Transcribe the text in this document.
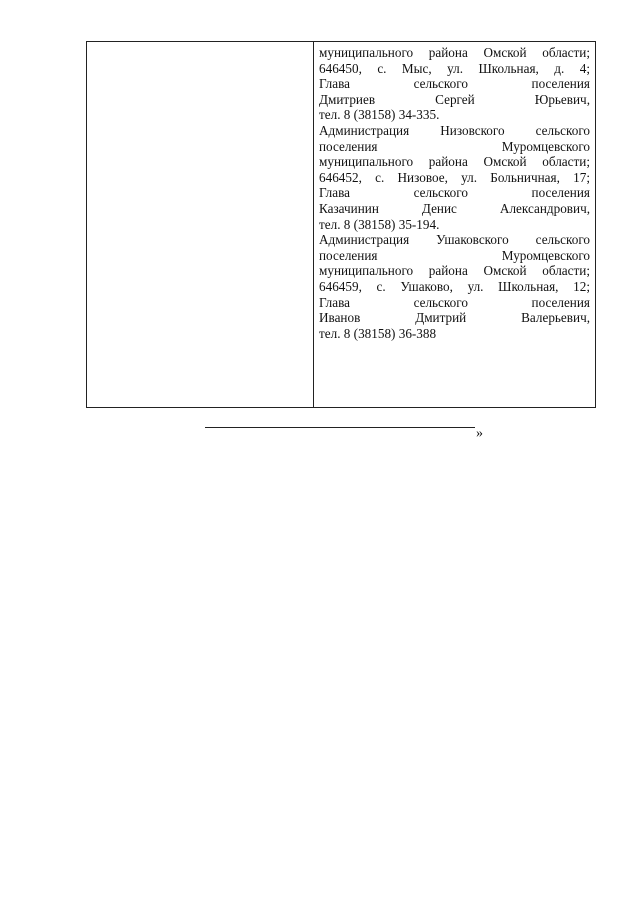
муниципального района Омской области;
646450, с. Мыс, ул. Школьная, д. 4;
Глава сельского поселения
Дмитриев Сергей Юрьевич,
тел. 8 (38158) 34-335.
Администрация Низовского сельского
поселения Муромцевского
муниципального района Омской области;
646452, с. Низовое, ул. Больничная, 17;
Глава сельского поселения
Казачинин Денис Александрович,
тел. 8 (38158) 35-194.
Администрация Ушаковского сельского
поселения Муромцевского
муниципального района Омской области;
646459, с. Ушаково, ул. Школьная, 12;
Глава сельского поселения
Иванов Дмитрий Валерьевич,
тел. 8 (38158) 36-388
»
